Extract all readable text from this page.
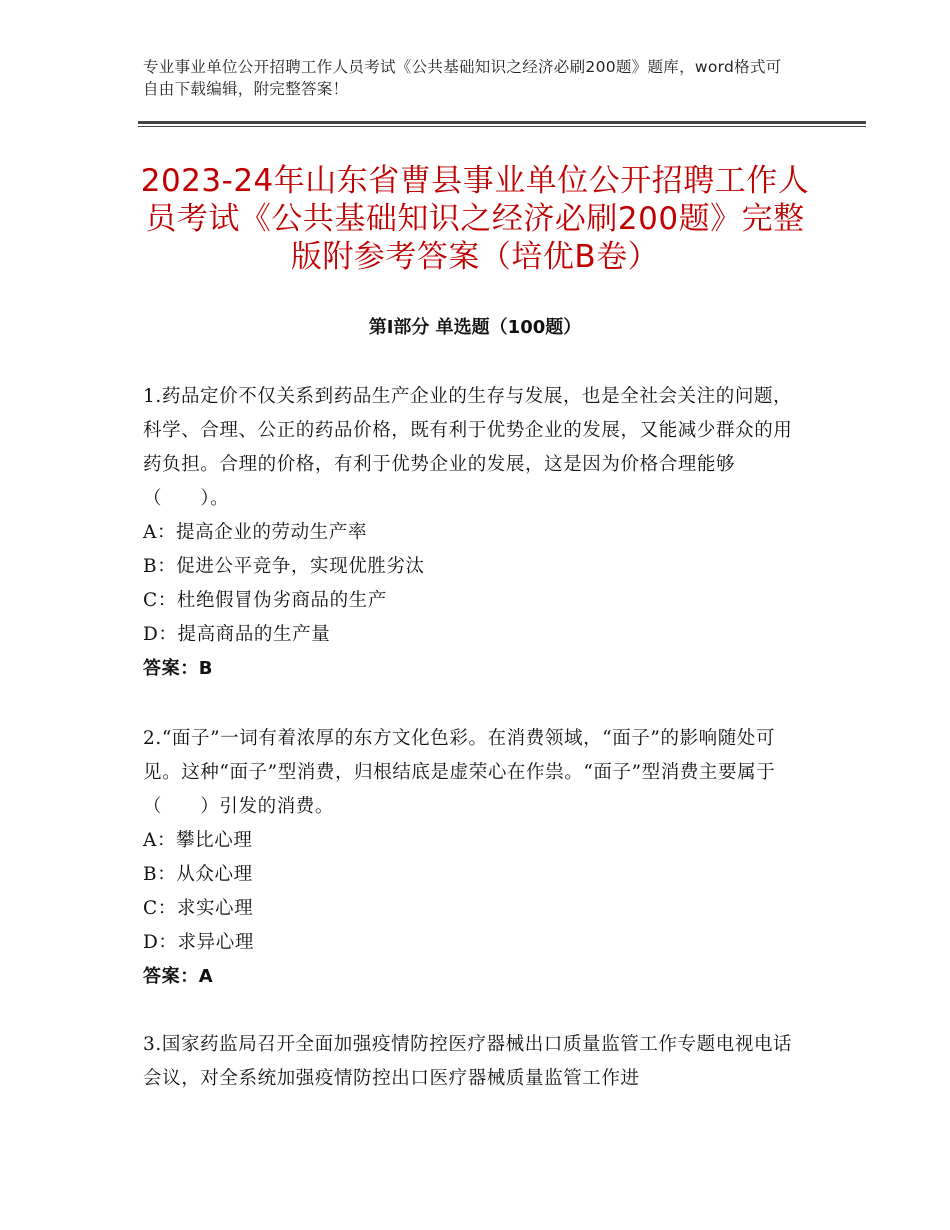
专业事业单位公开招聘工作人员考试《公共基础知识之经济必刷200题》题库，word格式可自由下载编辑，附完整答案！
2023-24年山东省曹县事业单位公开招聘工作人员考试《公共基础知识之经济必刷200题》完整版附参考答案（培优B卷）
第Ⅰ部分 单选题（100题）

1.药品定价不仅关系到药品生产企业的生存与发展，也是全社会关注的问题，科学、合理、公正的药品价格，既有利于优势企业的发展，又能减少群众的用药负担。合理的价格，有利于优势企业的发展，这是因为价格合理能够（　　）。

A：提高企业的劳动生产率

B：促进公平竞争，实现优胜劣汰

C：杜绝假冒伪劣商品的生产

D：提高商品的生产量

答案：B

2.“面子”一词有着浓厚的东方文化色彩。在消费领域，“面子”的影响随处可见。这种“面子”型消费，归根结底是虚荣心在作祟。“面子”型消费主要属于（　　）引发的消费。

A：攀比心理

B：从众心理

C：求实心理

D：求异心理

答案：A

3.国家药监局召开全面加强疫情防控医疗器械出口质量监管工作专题电视电话会议，对全系统加强疫情防控出口医疗器械质量监管工作进
